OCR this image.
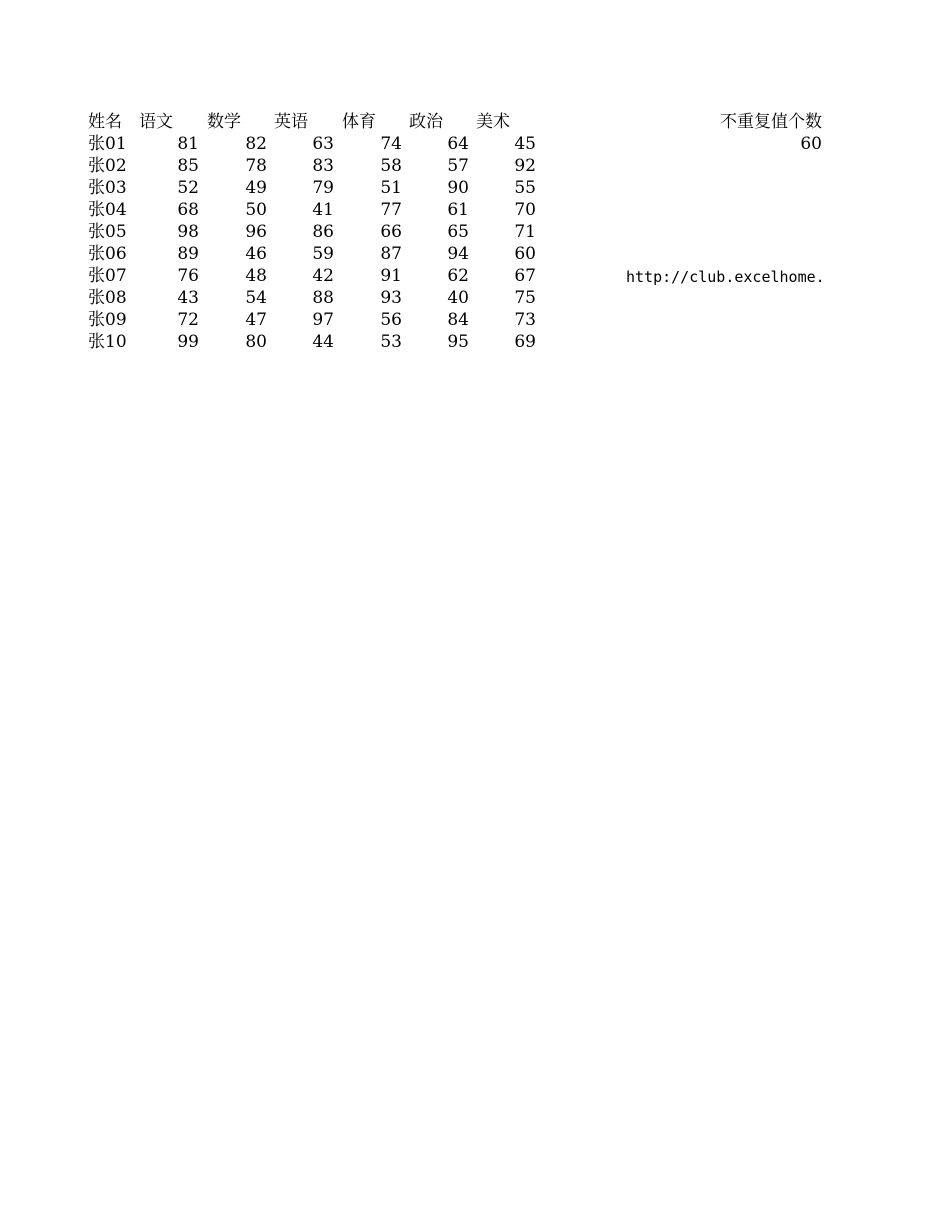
姓名	语文	数学	英语	体育	政治	美术	不重复值个数
60
http://club.excelhome.
张01	81	82	63	74	64	45
张02	85	78	83	58	57	92
张03	52	49	79	51	90	55
张04	68	50	41	77	61	70
张05	98	96	86	66	65	71
张06	89	46	59	87	94	60
张07	76	48	42	91	62	67
张08	43	54	88	93	40	75
张09	72	47	97	56	84	73
张10	99	80	44	53	95	69
